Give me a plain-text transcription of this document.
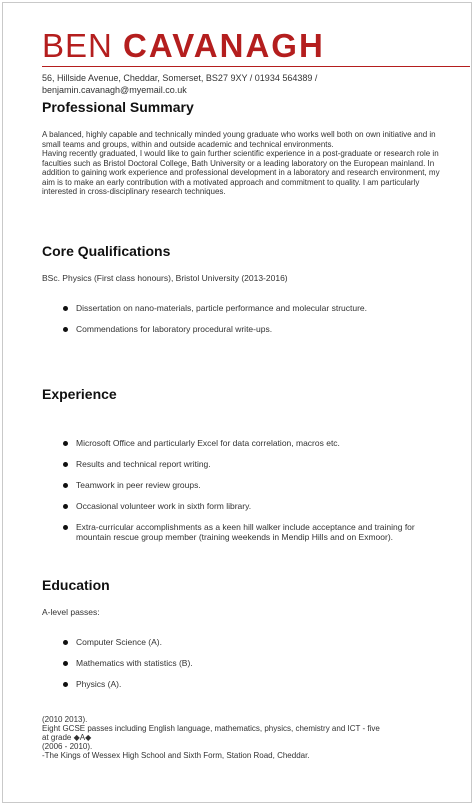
BEN CAVANAGH
56, Hillside Avenue, Cheddar, Somerset, BS27 9XY / 01934 564389 /
benjamin.cavanagh@myemail.co.uk
Professional Summary

A balanced, highly capable and technically minded young graduate who works well both on own initiative and in small teams and groups, within and outside academic and technical environments.

Having recently graduated, I would like to gain further scientific experience in a post-graduate or research role in faculties such as Bristol Doctoral College, Bath University or a leading laboratory on the European mainland. In addition to gaining work experience and professional development in a laboratory and research environment, my aim is to make an early contribution with a motivated approach and commitment to quality. I am particularly interested in cross-disciplinary research techniques.

Core Qualifications
BSc. Physics (First class honours), Bristol University (2013-2016)
Dissertation on nano-materials, particle performance and molecular structure.
Commendations for laboratory procedural write-ups.
Experience
Microsoft Office and particularly Excel for data correlation, macros etc.
Results and technical report writing.
Teamwork in peer review groups.
Occasional volunteer work in sixth form library.
Extra-curricular accomplishments as a keen hill walker include acceptance and training for mountain rescue group member (training weekends in Mendip Hills and on Exmoor).
Education
A-level passes:
Computer Science (A).
Mathematics with statistics (B).
Physics (A).
(2010 2013).
Eight GCSE passes including English language, mathematics, physics, chemistry and ICT - five
at grade ◆A◆
(2006 - 2010).
-The Kings of Wessex High School and Sixth Form, Station Road, Cheddar.
